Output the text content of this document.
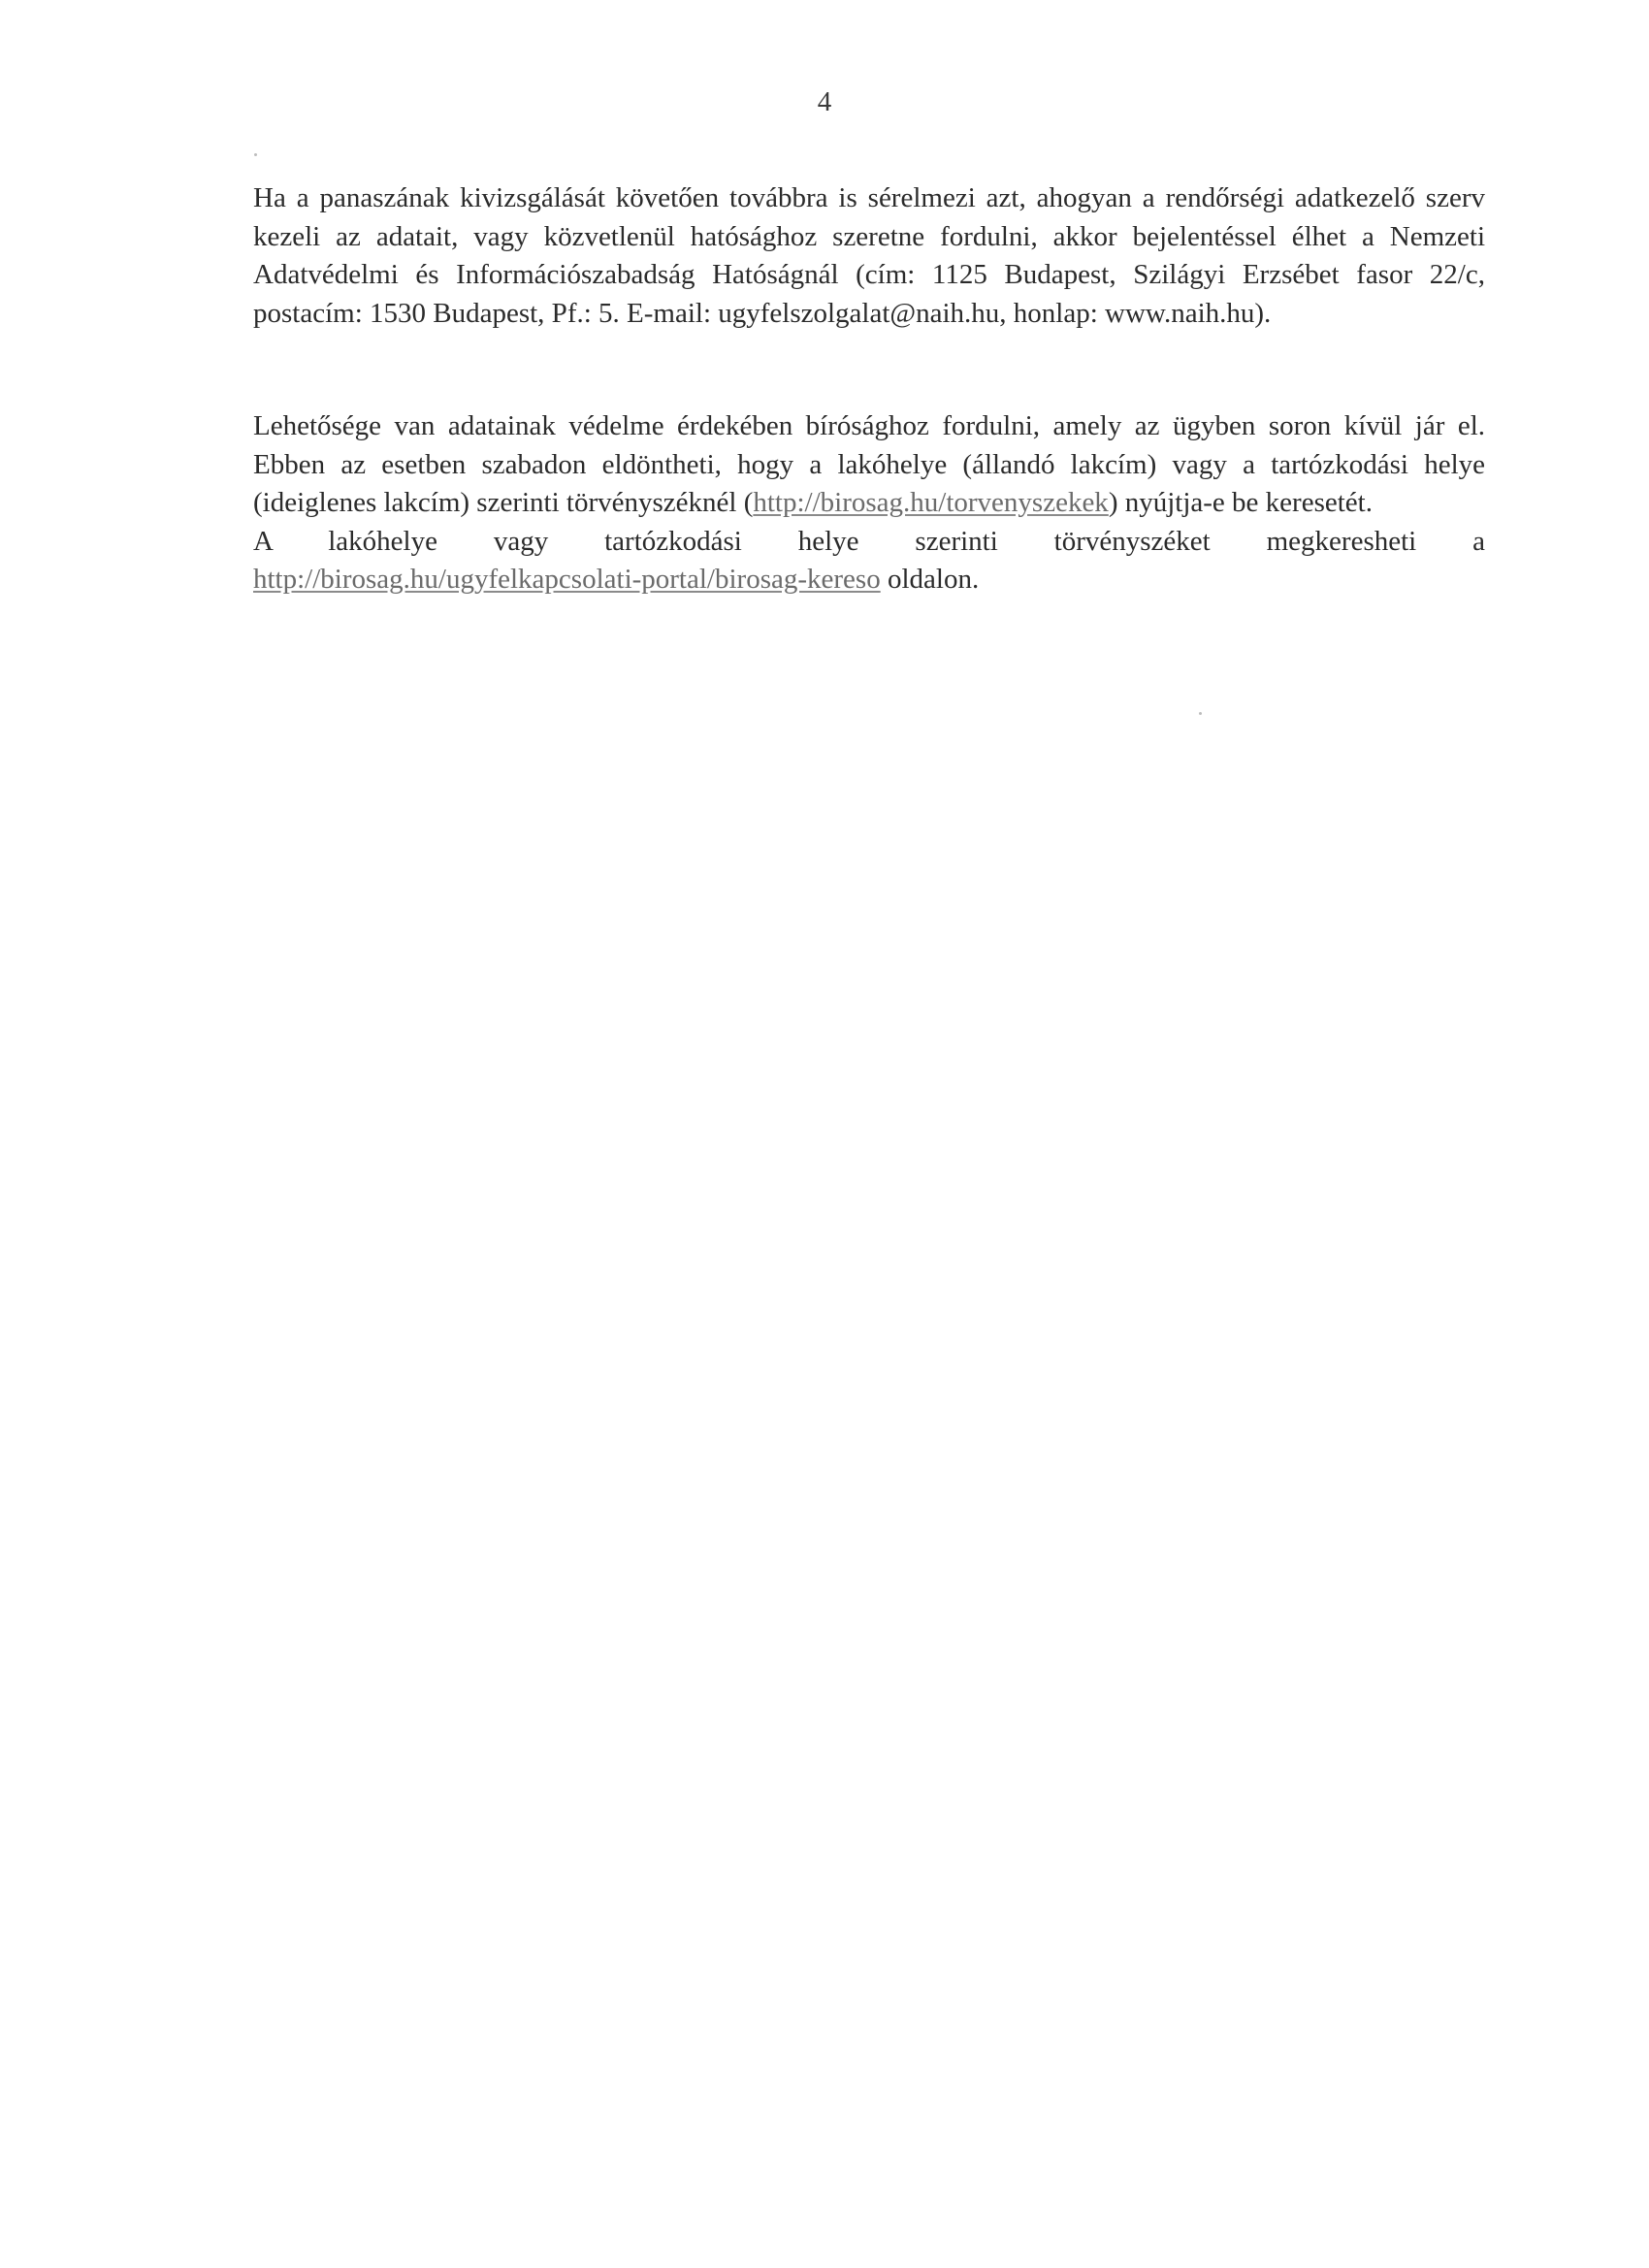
4

Ha a panaszának kivizsgálását követően továbbra is sérelmezi azt, ahogyan a rendőrségi adatkezelő szerv kezeli az adatait, vagy közvetlenül hatósághoz szeretne fordulni, akkor bejelentéssel élhet a Nemzeti Adatvédelmi és Információszabadság Hatóságnál (cím: 1125 Budapest, Szilágyi Erzsébet fasor 22/c, postacím: 1530 Budapest, Pf.: 5. E-mail: ugyfelszolgalat@naih.hu, honlap: www.naih.hu).

Lehetősége van adatainak védelme érdekében bírósághoz fordulni, amely az ügyben soron kívül jár el. Ebben az esetben szabadon eldöntheti, hogy a lakóhelye (állandó lakcím) vagy a tartózkodási helye (ideiglenes lakcím) szerinti törvényszéknél (http://birosag.hu/torvenyszekek) nyújtja-e be keresetét.

A lakóhelye vagy tartózkodási helye szerinti törvényszéket megkeresheti a

http://birosag.hu/ugyfelkapcsolati-portal/birosag-kereso oldalon.
